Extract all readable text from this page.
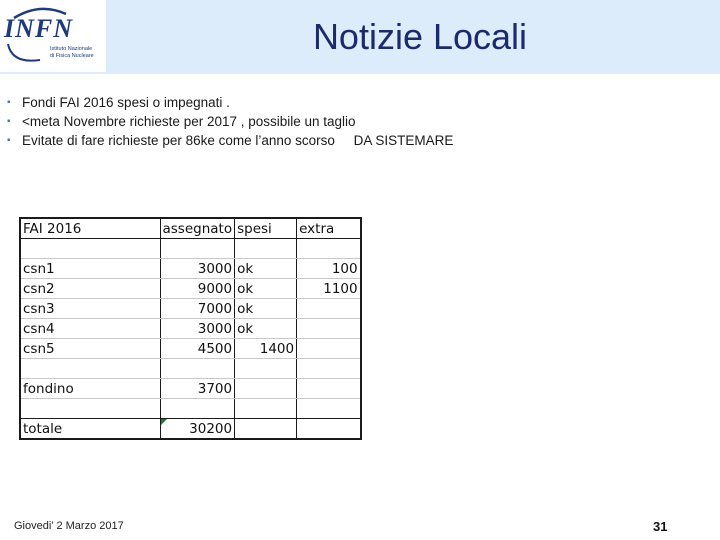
INFN
Istituto Nazionale
di Fisica Nucleare	Notizie Locali
▪ Fondi FAI 2016 spesi o impegnati .
▪ <meta Novembre richieste per 2017 , possibile un taglio
▪ Evitate di fare richieste per 86ke come l’anno scorso     DA SISTEMARE
FAI 2016	assegnato	spesi	extra

csn1	3000	ok	100
csn2	9000	ok	1100
csn3	7000	ok	
csn4	3000	ok	
csn5	4500	1400	

fondino	3700		

totale	30200		
Giovedi' 2 Marzo 2017	31
